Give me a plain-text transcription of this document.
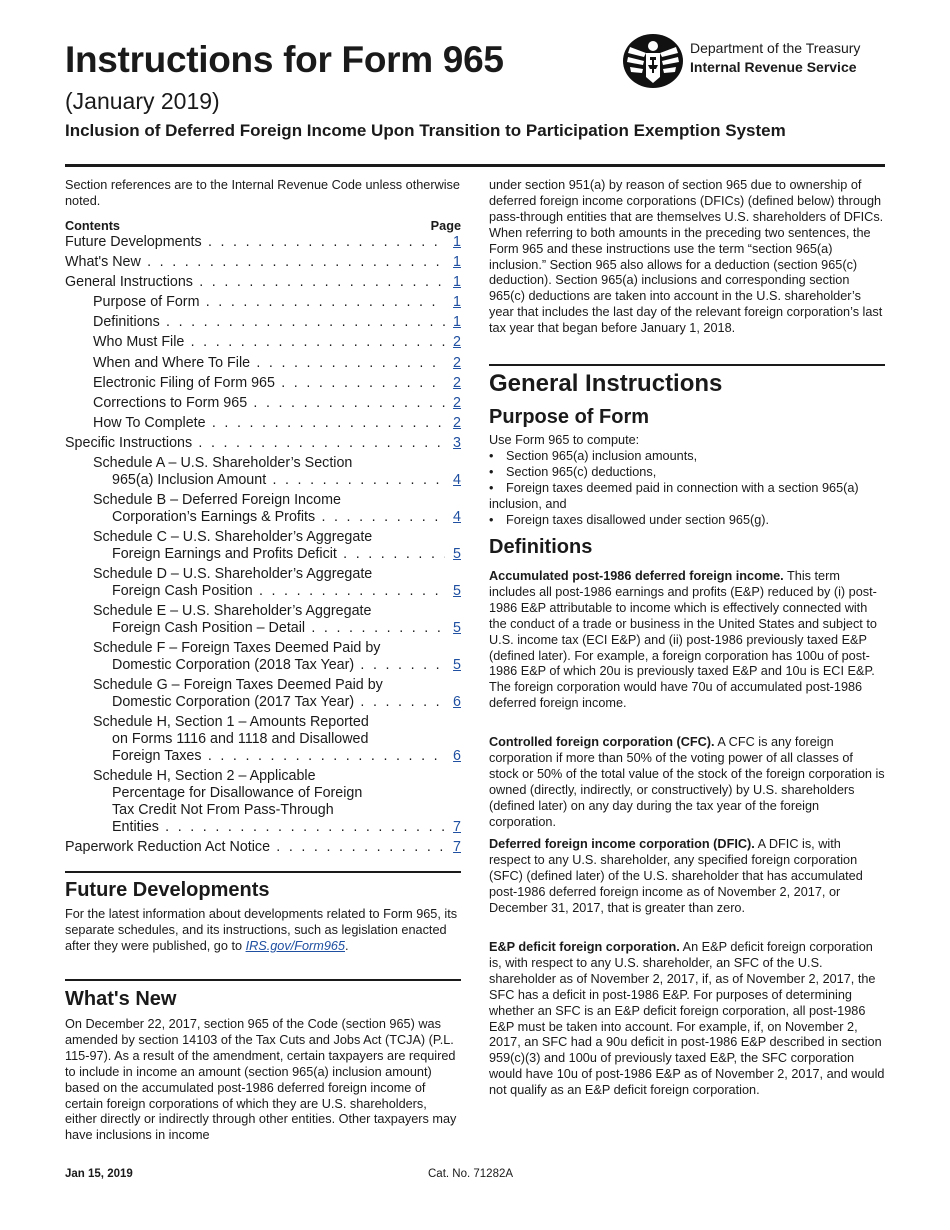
Instructions for Form 965
(January 2019)
Inclusion of Deferred Foreign Income Upon Transition to Participation Exemption System
Department of the Treasury
Internal Revenue Service
Section references are to the Internal Revenue Code unless otherwise noted.
Contents	Page
Future Developments . . .	1
What's New . . .	1
General Instructions . . .	1
Purpose of Form . . .	1
Definitions . . .	1
Who Must File . . .	2
When and Where To File . . .	2
Electronic Filing of Form 965 . . .	2
Corrections to Form 965 . . .	2
How To Complete . . .	2
Specific Instructions . . .	3
Schedule A – U.S. Shareholder’s Section
965(a) Inclusion Amount . . .	4
Schedule B – Deferred Foreign Income
Corporation’s Earnings & Profits . . .	4
Schedule C – U.S. Shareholder’s Aggregate
Foreign Earnings and Profits Deficit . . .	5
Schedule D – U.S. Shareholder’s Aggregate
Foreign Cash Position . . .	5
Schedule E – U.S. Shareholder’s Aggregate
Foreign Cash Position – Detail . . .	5
Schedule F – Foreign Taxes Deemed Paid by
Domestic Corporation (2018 Tax Year) . . .	5
Schedule G – Foreign Taxes Deemed Paid by
Domestic Corporation (2017 Tax Year) . . .	6
Schedule H, Section 1 – Amounts Reported
on Forms 1116 and 1118 and Disallowed
Foreign Taxes . . .	6
Schedule H, Section 2 – Applicable
Percentage for Disallowance of Foreign
Tax Credit Not From Pass-Through
Entities . . .	7
Paperwork Reduction Act Notice . . .	7
Future Developments
For the latest information about developments related to Form 965, its separate schedules, and its instructions, such as legislation enacted after they were published, go to IRS.gov/Form965.
What's New
On December 22, 2017, section 965 of the Code (section 965) was amended by section 14103 of the Tax Cuts and Jobs Act (TCJA) (P.L. 115-97). As a result of the amendment, certain taxpayers are required to include in income an amount (section 965(a) inclusion amount) based on the accumulated post-1986 deferred foreign income of certain foreign corporations of which they are U.S. shareholders, either directly or indirectly through other entities. Other taxpayers may have inclusions in income
under section 951(a) by reason of section 965 due to ownership of deferred foreign income corporations (DFICs) (defined below) through pass-through entities that are themselves U.S. shareholders of DFICs. When referring to both amounts in the preceding two sentences, the Form 965 and these instructions use the term “section 965(a) inclusion.” Section 965 also allows for a deduction (section 965(c) deduction). Section 965(a) inclusions and corresponding section 965(c) deductions are taken into account in the U.S. shareholder’s year that includes the last day of the relevant foreign corporation’s last tax year that began before January 1, 2018.
General Instructions
Purpose of Form
Use Form 965 to compute:
• Section 965(a) inclusion amounts,
• Section 965(c) deductions,
• Foreign taxes deemed paid in connection with a section 965(a) inclusion, and
• Foreign taxes disallowed under section 965(g).
Definitions
Accumulated post-1986 deferred foreign income. This term includes all post-1986 earnings and profits (E&P) reduced by (i) post-1986 E&P attributable to income which is effectively connected with the conduct of a trade or business in the United States and subject to U.S. income tax (ECI E&P) and (ii) post-1986 previously taxed E&P (defined later). For example, a foreign corporation has 100u of post-1986 E&P of which 20u is previously taxed E&P and 10u is ECI E&P. The foreign corporation would have 70u of accumulated post-1986 deferred foreign income.
Controlled foreign corporation (CFC). A CFC is any foreign corporation if more than 50% of the voting power of all classes of stock or 50% of the total value of the stock of the foreign corporation is owned (directly, indirectly, or constructively) by U.S. shareholders (defined later) on any day during the tax year of the foreign corporation.
Deferred foreign income corporation (DFIC). A DFIC is, with respect to any U.S. shareholder, any specified foreign corporation (SFC) (defined later) of the U.S. shareholder that has accumulated post-1986 deferred foreign income as of November 2, 2017, or December 31, 2017, that is greater than zero.
E&P deficit foreign corporation. An E&P deficit foreign corporation is, with respect to any U.S. shareholder, an SFC of the U.S. shareholder as of November 2, 2017, if, as of November 2, 2017, the SFC has a deficit in post-1986 E&P. For purposes of determining whether an SFC is an E&P deficit foreign corporation, all post-1986 E&P must be taken into account. For example, if, on November 2, 2017, an SFC had a 90u deficit in post-1986 E&P described in section 959(c)(3) and 100u of previously taxed E&P, the SFC corporation would have 10u of post-1986 E&P as of November 2, 2017, and would not qualify as an E&P deficit foreign corporation.
Jan 15, 2019	Cat. No. 71282A
